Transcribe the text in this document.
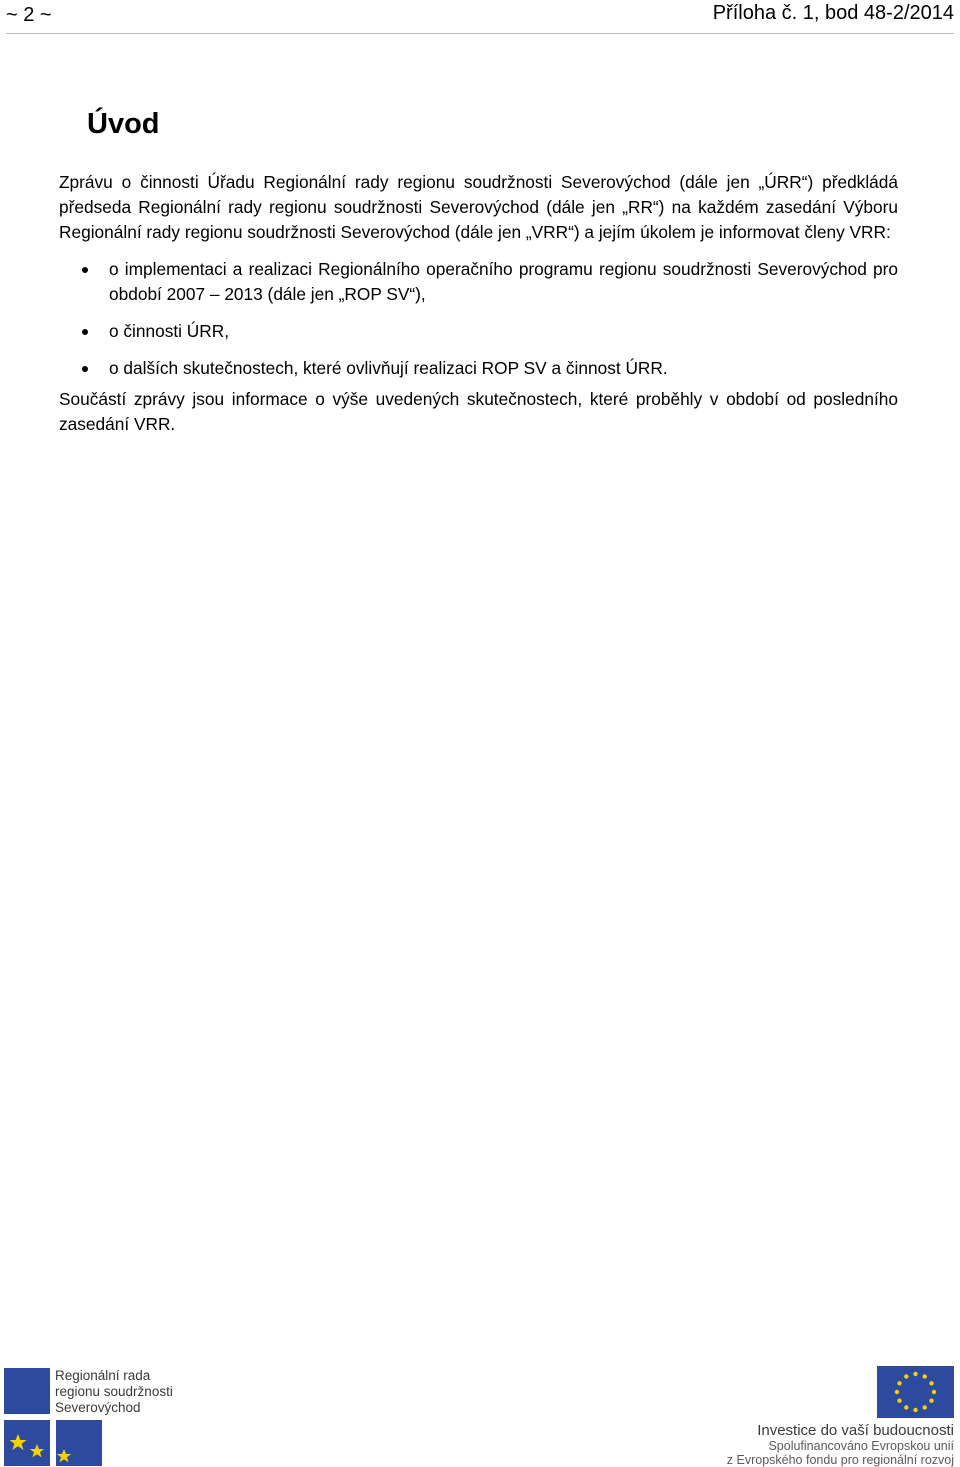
~ 2 ~	Příloha č. 1, bod 48-2/2014
Úvod

Zprávu o činnosti Úřadu Regionální rady regionu soudržnosti Severovýchod (dále jen „ÚRR“) předkládá předseda Regionální rady regionu soudržnosti Severovýchod (dále jen „RR“) na každém zasedání Výboru Regionální rady regionu soudržnosti Severovýchod (dále jen „VRR“) a jejím úkolem je informovat členy VRR:

o implementaci a realizaci Regionálního operačního programu regionu soudržnosti Severovýchod pro období 2007 – 2013 (dále jen „ROP SV“),
o činnosti ÚRR,
o dalších skutečnostech, které ovlivňují realizaci ROP SV a činnost ÚRR.

Součástí zprávy jsou informace o výše uvedených skutečnostech, které proběhly v období od posledního zasedání VRR.

Regionální rada
regionu soudržnosti
Severovýchod
Investice do vaší budoucnosti
Spolufinancováno Evropskou unií
z Evropského fondu pro regionální rozvoj
